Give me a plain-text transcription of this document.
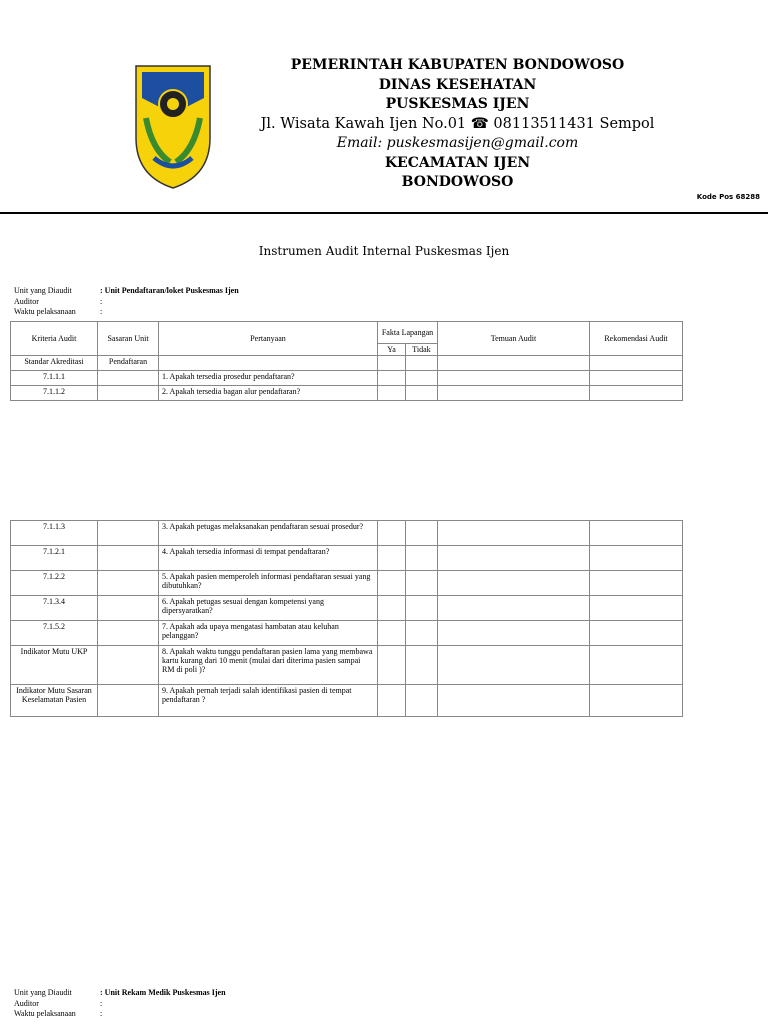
PEMERINTAH KABUPATEN BONDOWOSO
DINAS KESEHATAN
PUSKESMAS IJEN
Jl. Wisata Kawah Ijen No.01 ☎ 08113511431 Sempol
Email: puskesmasijen@gmail.com
KECAMATAN IJEN
BONDOWOSO
Kode Pos 68288
Instrumen Audit Internal Puskesmas Ijen
Unit yang Diaudit	: Unit Pendaftaran/loket Puskesmas Ijen
Auditor	:
Waktu pelaksanaan	:
Kriteria Audit	Sasaran Unit	Pertanyaan	Fakta Lapangan		Temuan Audit	Rekomendasi Audit
			Ya	Tidak		
Standar Akreditasi	Pendaftaran					
7.1.1.1		1. Apakah tersedia prosedur pendaftaran?				
7.1.1.2		2. Apakah tersedia bagan alur pendaftaran?				
7.1.1.3		3. Apakah petugas melaksanakan pendaftaran sesuai prosedur?				
7.1.2.1		4. Apakah tersedia informasi di tempat pendaftaran?				
7.1.2.2		5. Apakah pasien memperoleh informasi pendaftaran sesuai yang dibutuhkan?				
7.1.3.4		6. Apakah petugas sesuai dengan kompetensi yang dipersyaratkan?				
7.1.5.2		7. Apakah ada upaya mengatasi hambatan atau keluhan pelanggan?				
Indikator Mutu UKP		8. Apakah waktu tunggu pendaftaran pasien lama yang membawa kartu kurang dari 10 menit (mulai dari diterima pasien sampai RM di poli )?				
Indikator Mutu Sasaran Keselamatan Pasien		9. Apakah pernah terjadi salah identifikasi pasien di tempat pendaftaran ?				
Unit yang Diaudit	: Unit Rekam Medik Puskesmas Ijen
Auditor	:
Waktu pelaksanaan	:
